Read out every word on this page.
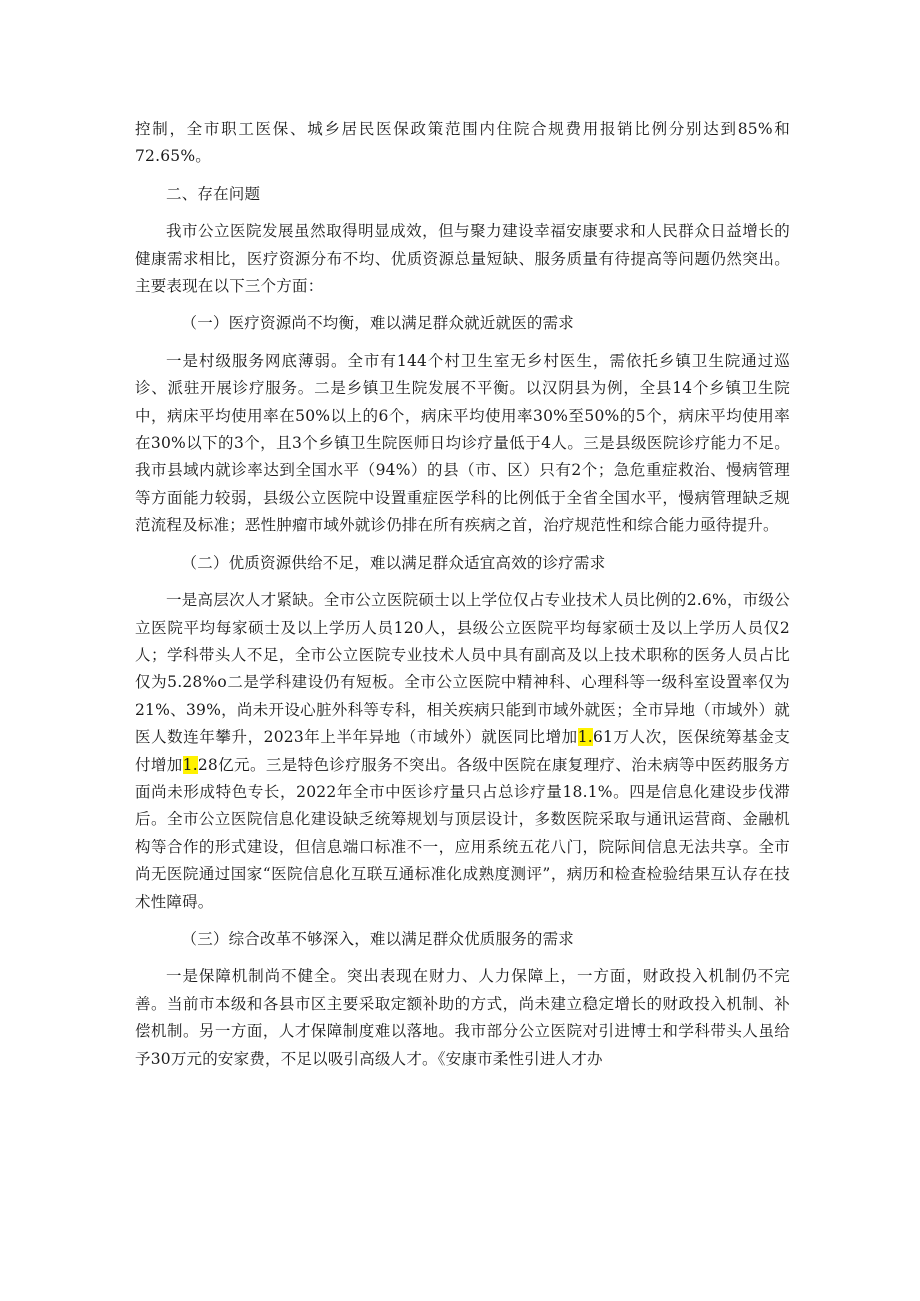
控制，全市职工医保、城乡居民医保政策范围内住院合规费用报销比例分别达到85%和72.65%。

二、存在问题

我市公立医院发展虽然取得明显成效，但与聚力建设幸福安康要求和人民群众日益增长的健康需求相比，医疗资源分布不均、优质资源总量短缺、服务质量有待提高等问题仍然突出。主要表现在以下三个方面：

（一）医疗资源尚不均衡，难以满足群众就近就医的需求

一是村级服务网底薄弱。全市有144个村卫生室无乡村医生，需依托乡镇卫生院通过巡诊、派驻开展诊疗服务。二是乡镇卫生院发展不平衡。以汉阴县为例，全县14个乡镇卫生院中，病床平均使用率在50%以上的6个，病床平均使用率30%至50%的5个，病床平均使用率在30%以下的3个，且3个乡镇卫生院医师日均诊疗量低于4人。三是县级医院诊疗能力不足。我市县域内就诊率达到全国水平（94%）的县（市、区）只有2个；急危重症救治、慢病管理等方面能力较弱，县级公立医院中设置重症医学科的比例低于全省全国水平，慢病管理缺乏规范流程及标准；恶性肿瘤市域外就诊仍排在所有疾病之首，治疗规范性和综合能力亟待提升。

（二）优质资源供给不足，难以满足群众适宜高效的诊疗需求

一是高层次人才紧缺。全市公立医院硕士以上学位仅占专业技术人员比例的2.6%，市级公立医院平均每家硕士及以上学历人员120人，县级公立医院平均每家硕士及以上学历人员仅2人；学科带头人不足，全市公立医院专业技术人员中具有副高及以上技术职称的医务人员占比仅为5.28%o二是学科建设仍有短板。全市公立医院中精神科、心理科等一级科室设置率仅为21%、39%，尚未开设心脏外科等专科，相关疾病只能到市域外就医；全市异地（市域外）就医人数连年攀升，2023年上半年异地（市域外）就医同比增加1.61万人次，医保统筹基金支付增加1.28亿元。三是特色诊疗服务不突出。各级中医院在康复理疗、治未病等中医药服务方面尚未形成特色专长，2022年全市中医诊疗量只占总诊疗量18.1%。四是信息化建设步伐滞后。全市公立医院信息化建设缺乏统筹规划与顶层设计，多数医院采取与通讯运营商、金融机构等合作的形式建设，但信息端口标准不一，应用系统五花八门，院际间信息无法共享。全市尚无医院通过国家“医院信息化互联互通标准化成熟度测评”，病历和检查检验结果互认存在技术性障碍。

（三）综合改革不够深入，难以满足群众优质服务的需求

一是保障机制尚不健全。突出表现在财力、人力保障上，一方面，财政投入机制仍不完善。当前市本级和各县市区主要采取定额补助的方式，尚未建立稳定增长的财政投入机制、补偿机制。另一方面，人才保障制度难以落地。我市部分公立医院对引进博士和学科带头人虽给予30万元的安家费，不足以吸引高级人才。《安康市柔性引进人才办
